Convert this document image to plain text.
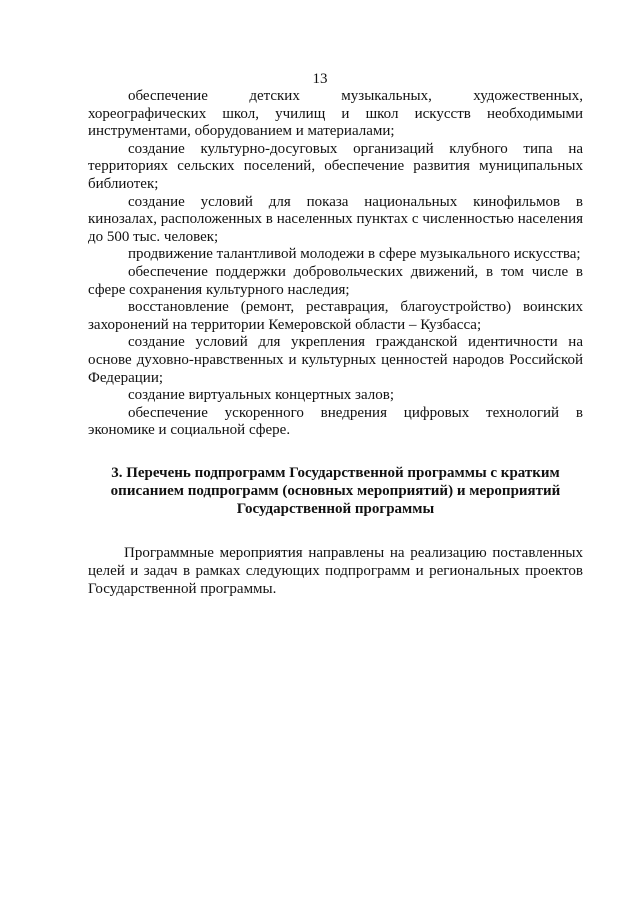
13

обеспечение детских музыкальных, художественных, хореографических школ, училищ и школ искусств необходимыми инструментами, оборудованием и материалами;

создание культурно-досуговых организаций клубного типа на территориях сельских поселений, обеспечение развития муниципальных библиотек;

создание условий для показа национальных кинофильмов в кинозалах, расположенных в населенных пунктах с численностью населения до 500 тыс. человек;

продвижение талантливой молодежи в сфере музыкального искусства;

обеспечение поддержки добровольческих движений, в том числе в сфере сохранения культурного наследия;

восстановление (ремонт, реставрация, благоустройство) воинских захоронений на территории Кемеровской области – Кузбасса;

создание условий для укрепления гражданской идентичности на основе духовно-нравственных и культурных ценностей народов Российской Федерации;

создание виртуальных концертных залов;

обеспечение ускоренного внедрения цифровых технологий в экономике и социальной сфере.

3. Перечень подпрограмм Государственной программы с кратким описанием подпрограмм (основных мероприятий) и мероприятий Государственной программы

Программные мероприятия направлены на реализацию поставленных целей и задач в рамках следующих подпрограмм и региональных проектов Государственной программы.
